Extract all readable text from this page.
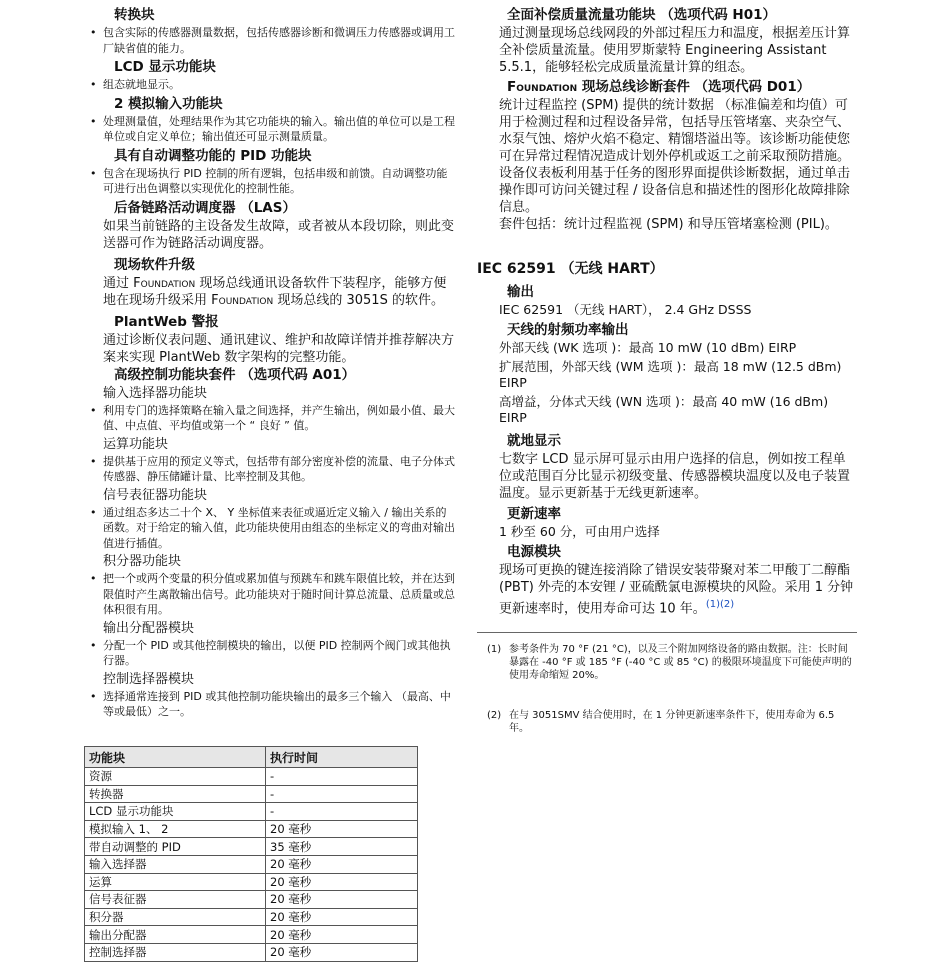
转换块

• 包含实际的传感器测量数据，包括传感器诊断和微调压力传感器或调用工厂缺省值的能力。

LCD 显示功能块

• 组态就地显示。

2 模拟输入功能块

• 处理测量值，处理结果作为其它功能块的输入。输出值的单位可以是工程单位或自定义单位；输出值还可显示测量质量。

具有自动调整功能的 PID 功能块

• 包含在现场执行 PID 控制的所有逻辑，包括串级和前馈。自动调整功能可进行出色调整以实现优化的控制性能。

后备链路活动调度器 （LAS）

如果当前链路的主设备发生故障，或者被从本段切除，则此变送器可作为链路活动调度器。

现场软件升级

通过 Foundation 现场总线通讯设备软件下装程序，能够方便地在现场升级采用 Foundation 现场总线的 3051S 的软件。

PlantWeb 警报

通过诊断仪表问题、通讯建议、维护和故障详情并推荐解决方案来实现 PlantWeb 数字架构的完整功能。

高级控制功能块套件 （选项代码 A01）

输入选择器功能块

• 利用专门的选择策略在输入量之间选择，并产生输出，例如最小值、最大值、中点值、平均值或第一个 “ 良好 ” 值。

运算功能块

• 提供基于应用的预定义等式，包括带有部分密度补偿的流量、电子分体式传感器、静压储罐计量、比率控制及其他。

信号表征器功能块

• 通过组态多达二十个 X、 Y 坐标值来表征或逼近定义输入 / 输出关系的函数。对于给定的输入值，此功能块使用由组态的坐标定义的弯曲对输出值进行插值。

积分器功能块

• 把一个或两个变量的积分值或累加值与预跳车和跳车限值比较，并在达到限值时产生离散输出信号。此功能块对于随时间计算总流量、总质量或总体积很有用。

输出分配器模块

• 分配一个 PID 或其他控制模块的输出，以便 PID 控制两个阀门或其他执行器。

控制选择器模块

• 选择通常连接到 PID 或其他控制功能块输出的最多三个输入 （最高、中等或最低）之一。

功能块	执行时间
资源	-
转换器	-
LCD 显示功能块	-
模拟输入 1、 2	20 毫秒
带自动调整的 PID	35 毫秒
输入选择器	20 毫秒
运算	20 毫秒
信号表征器	20 毫秒
积分器	20 毫秒
输出分配器	20 毫秒
控制选择器	20 毫秒

全面补偿质量流量功能块 （选项代码 H01）

通过测量现场总线网段的外部过程压力和温度，根据差压计算全补偿质量流量。使用罗斯蒙特 Engineering Assistant 5.5.1，能够轻松完成质量流量计算的组态。

Foundation 现场总线诊断套件 （选项代码 D01）

统计过程监控 (SPM) 提供的统计数据 （标准偏差和均值）可用于检测过程和过程设备异常，包括导压管堵塞、夹杂空气、水泵气蚀、熔炉火焰不稳定、精馏塔溢出等。该诊断功能使您可在异常过程情况造成计划外停机或返工之前采取预防措施。

设备仪表板利用基于任务的图形界面提供诊断数据，通过单击操作即可访问关键过程 / 设备信息和描述性的图形化故障排除信息。

套件包括：统计过程监视 (SPM) 和导压管堵塞检测 (PIL)。

IEC 62591 （无线 HART）

输出

IEC 62591 （无线 HART）， 2.4 GHz DSSS

天线的射频功率输出

外部天线 (WK 选项 )：最高 10 mW (10 dBm) EIRP

扩展范围，外部天线 (WM 选项 )：最高 18 mW (12.5 dBm) EIRP

高增益，分体式天线 (WN 选项 )：最高 40 mW (16 dBm) EIRP

就地显示

七数字 LCD 显示屏可显示由用户选择的信息，例如按工程单位或范围百分比显示初级变量、传感器模块温度以及电子装置温度。显示更新基于无线更新速率。

更新速率

1 秒至 60 分，可由用户选择

电源模块

现场可更换的键连接消除了错误安装带聚对苯二甲酸丁二醇酯 (PBT) 外壳的本安锂 / 亚硫酰氯电源模块的风险。采用 1 分钟更新速率时，使用寿命可达 10 年。$^{(1)(2)}$

(1) 参考条件为 70 °F (21 °C)，以及三个附加网络设备的路由数据。注：长时间暴露在 -40 °F 或 185 °F (-40 °C 或 85 °C) 的极限环境温度下可能使声明的使用寿命缩短 20%。
(2) 在与 3051SMV 结合使用时，在 1 分钟更新速率条件下，使用寿命为 6.5 年。
